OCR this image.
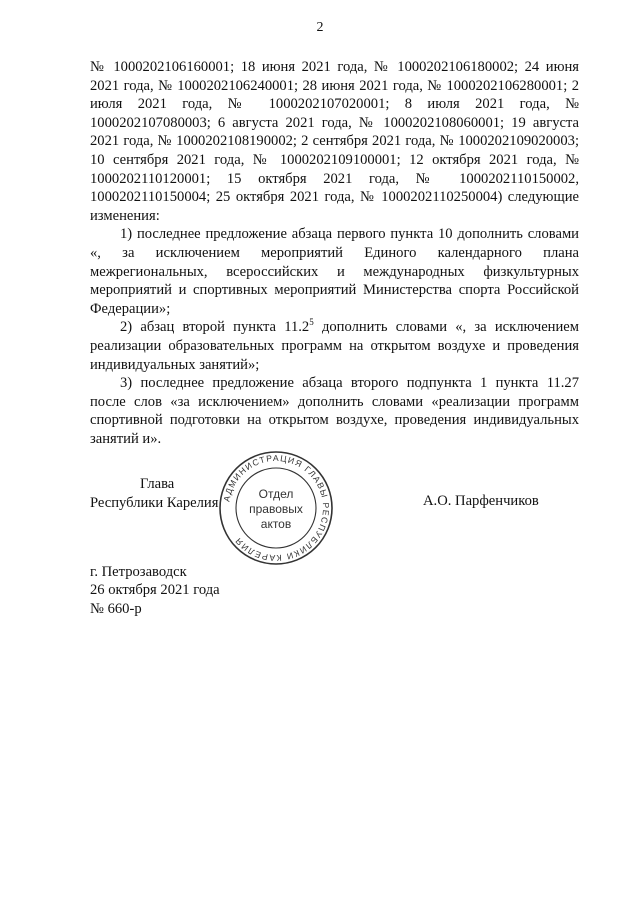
2

№ 1000202106160001; 18 июня 2021 года, № 1000202106180002; 24 июня 2021 года, № 1000202106240001; 28 июня 2021 года, № 1000202106280001; 2 июля 2021 года, № 1000202107020001; 8 июля 2021 года, № 1000202107080003; 6 августа 2021 года, № 1000202108060001; 19 августа 2021 года, № 1000202108190002; 2 сентября 2021 года, № 1000202109020003; 10 сентября 2021 года, № 1000202109100001; 12 октября 2021 года, № 1000202110120001; 15 октября 2021 года, № 1000202110150002, 1000202110150004; 25 октября 2021 года, № 1000202110250004) следующие изменения:

1) последнее предложение абзаца первого пункта 10 дополнить словами «, за исключением мероприятий Единого календарного плана межрегиональных, всероссийских и международных физкультурных мероприятий и спортивных мероприятий Министерства спорта Российской Федерации»;

2) абзац второй пункта 11.2$^5$ дополнить словами «, за исключением реализации образовательных программ на открытом воздухе и проведения индивидуальных занятий»;

3) последнее предложение абзаца второго подпункта 1 пункта 11.27 после слов «за исключением» дополнить словами «реализации программ спортивной подготовки на открытом воздухе, проведения индивидуальных занятий и».

Глава
Республики Карелия	А.О. Парфенчиков
АДМИНИСТРАЦИЯ ГЛАВЫ РЕСПУБЛИКИ КАРЕЛИЯ
Отдел
правовых
актов
г. Петрозаводск
26 октября 2021 года
№ 660-р
